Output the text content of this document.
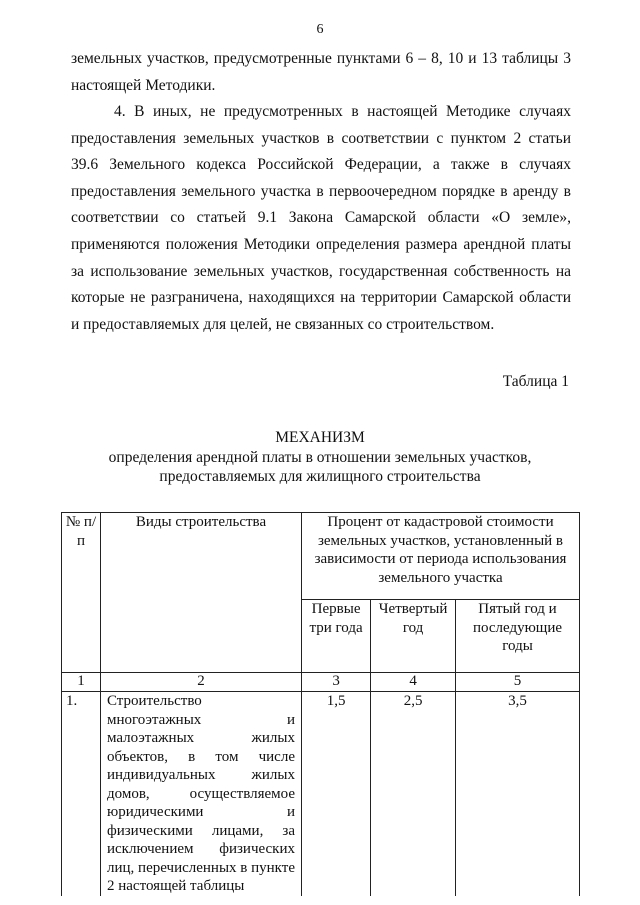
6

земельных участков, предусмотренные пунктами 6 – 8, 10 и 13 таблицы 3 настоящей Методики.

4. В иных, не предусмотренных в настоящей Методике случаях предоставления земельных участков в соответствии с пунктом 2 статьи 39.6 Земельного кодекса Российской Федерации, а также в случаях предоставления земельного участка в первоочередном порядке в аренду в соответствии со статьей 9.1 Закона Самарской области «О земле», применяются положения Методики определения размера арендной платы за использование земельных участков, государственная собственность на которые не разграничена, находящихся на территории Самарской области и предоставляемых для целей, не связанных со строительством.

Таблица 1
МЕХАНИЗМ
определения арендной платы в отношении земельных участков,
предоставляемых для жилищного строительства
№ п/п	Виды строительства	Процент от кадастровой стоимости земельных участков, установленный в зависимости от периода использования земельного участка		
		Первые три года	Четвертый год	Пятый год и последующие годы
1	2	3	4	5
1.	Строительство многоэтажных и малоэтажных жилых объектов, в том числе индивидуальных жилых домов, осуществляемое юридическими и физическими лицами, за исключением физических лиц, перечисленных в пункте 2 настоящей таблицы	1,5	2,5	3,5
